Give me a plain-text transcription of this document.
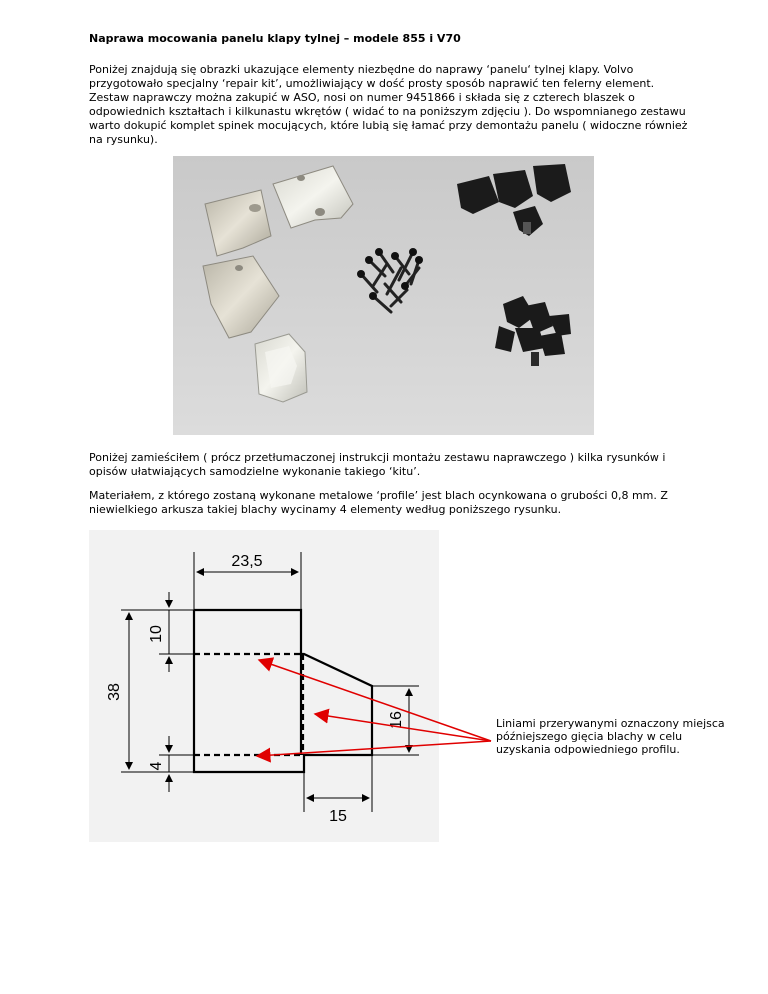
Naprawa mocowania panelu klapy tylnej – modele 855 i V70

Poniżej znajdują się obrazki ukazujące elementy niezbędne do naprawy ‘panelu‘ tylnej klapy. Volvo przygotowało specjalny ‘repair kit’, umożliwiający w dość prosty sposób naprawić ten felerny element. Zestaw naprawczy można zakupić w ASO, nosi on numer 9451866 i składa się z czterech blaszek o odpowiednich kształtach i kilkunastu wkrętów ( widać to na poniższym zdjęciu ). Do wspomnianego zestawu warto dokupić komplet spinek mocujących, które lubią się łamać przy demontażu panelu ( widoczne również na rysunku).

Poniżej zamieściłem ( prócz przetłumaczonej instrukcji montażu zestawu naprawczego ) kilka rysunków i opisów ułatwiających samodzielne wykonanie takiego ‘kitu’.

Materiałem, z którego zostaną wykonane metalowe ‘profile’ jest blach ocynkowana o grubości 0,8 mm. Z niewielkiego arkusza takiej blachy wycinamy 4 elementy według poniższego rysunku.

23,5
38
10
4
16
15

Liniami przerywanymi oznaczony miejsca późniejszego gięcia blachy w celu uzyskania odpowiedniego profilu.
